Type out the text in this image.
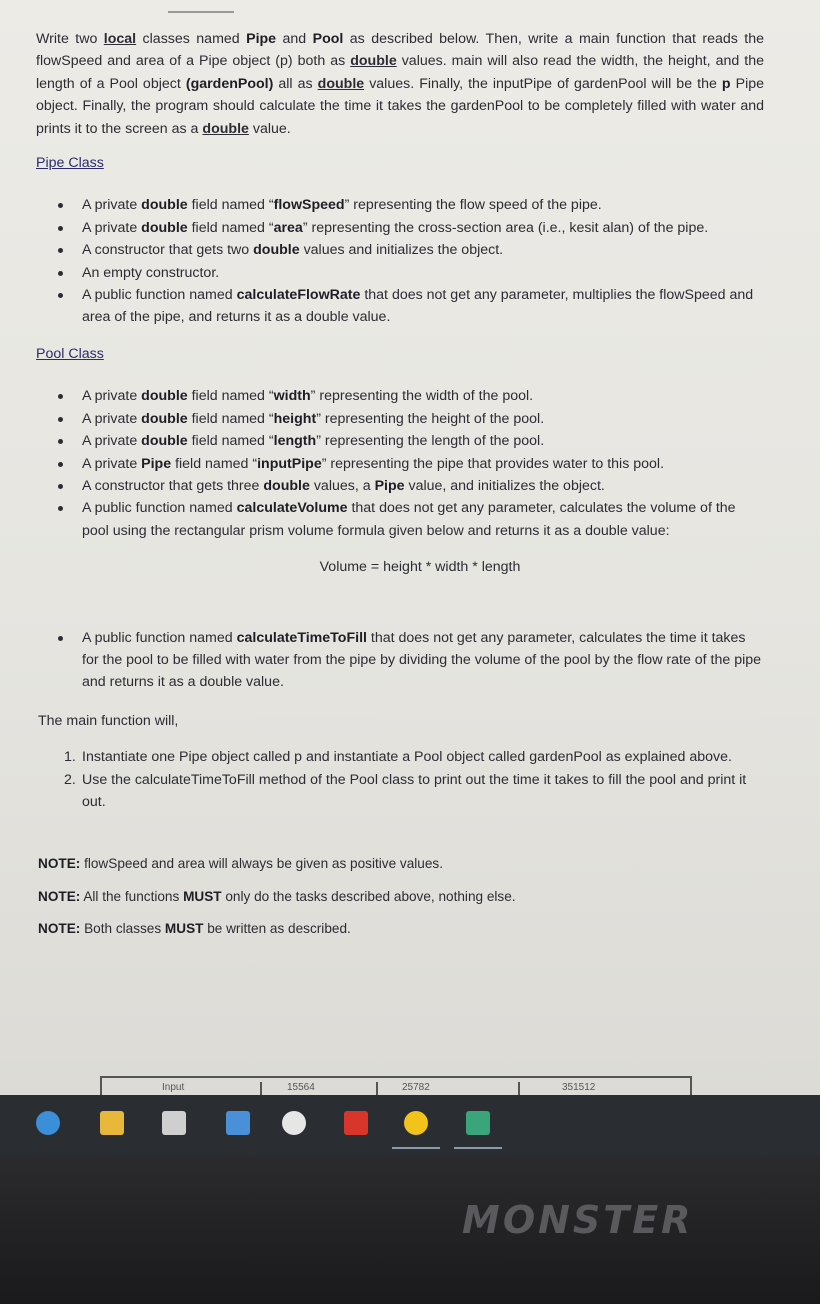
Write two local classes named Pipe and Pool as described below. Then, write a main function that reads the flowSpeed and area of a Pipe object (p) both as double values. main will also read the width, the height, and the length of a Pool object (gardenPool) all as double values. Finally, the inputPipe of gardenPool will be the p Pipe object. Finally, the program should calculate the time it takes the gardenPool to be completely filled with water and prints it to the screen as a double value.

Pipe Class

A private double field named “flowSpeed” representing the flow speed of the pipe.
A private double field named “area” representing the cross-section area (i.e., kesit alan) of the pipe.
A constructor that gets two double values and initializes the object.
An empty constructor.
A public function named calculateFlowRate that does not get any parameter, multiplies the flowSpeed and area of the pipe, and returns it as a double value.

Pool Class

A private double field named “width” representing the width of the pool.
A private double field named “height” representing the height of the pool.
A private double field named “length” representing the length of the pool.
A private Pipe field named “inputPipe” representing the pipe that provides water to this pool.
A constructor that gets three double values, a Pipe value, and initializes the object.
A public function named calculateVolume that does not get any parameter, calculates the volume of the pool using the rectangular prism volume formula given below and returns it as a double value:

Volume = height * width * length

A public function named calculateTimeToFill that does not get any parameter, calculates the time it takes for the pool to be filled with water from the pipe by dividing the volume of the pool by the flow rate of the pipe and returns it as a double value.

The main function will,

1. Instantiate one Pipe object called p and instantiate a Pool object called gardenPool as explained above.
2. Use the calculateTimeToFill method of the Pool class to print out the time it takes to fill the pool and print it out.

NOTE: flowSpeed and area will always be given as positive values.

NOTE: All the functions MUST only do the tasks described above, nothing else.

NOTE: Both classes MUST be written as described.

Input	15564	25782	351512
MONSTER
